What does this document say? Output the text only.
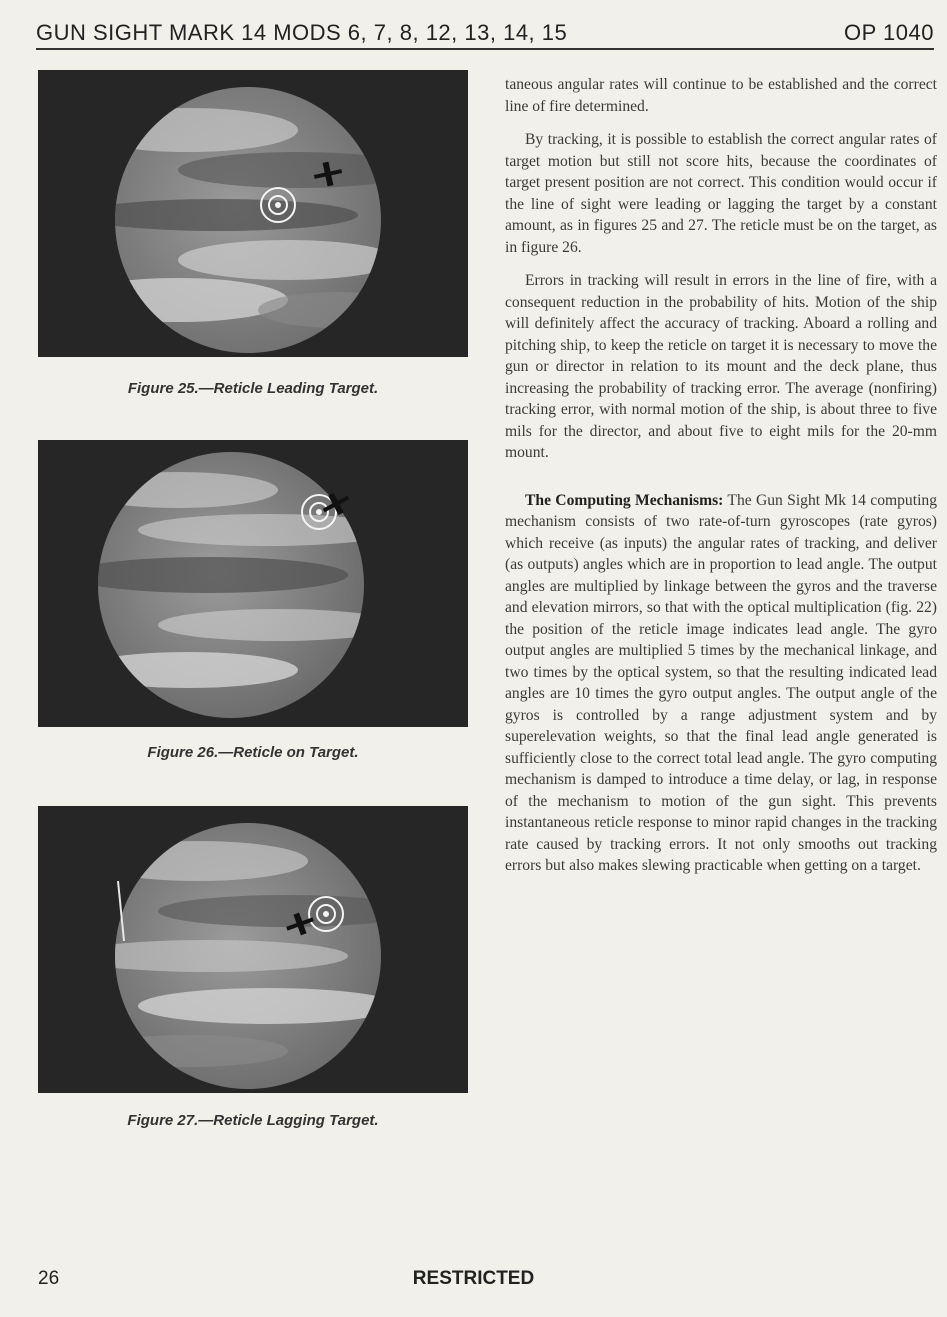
GUN SIGHT MARK 14 MODS 6, 7, 8, 12, 13, 14, 15	OP 1040
Figure 25.—Reticle Leading Target.
Figure 26.—Reticle on Target.
Figure 27.—Reticle Lagging Target.

taneous angular rates will continue to be established and the correct line of fire determined.

By tracking, it is possible to establish the correct angular rates of target motion but still not score hits, because the coordinates of target present position are not correct. This condition would occur if the line of sight were leading or lagging the target by a constant amount, as in figures 25 and 27. The reticle must be on the target, as in figure 26.

Errors in tracking will result in errors in the line of fire, with a consequent reduction in the probability of hits. Motion of the ship will definitely affect the accuracy of tracking. Aboard a rolling and pitching ship, to keep the reticle on target it is necessary to move the gun or director in relation to its mount and the deck plane, thus increasing the probability of tracking error. The average (nonfiring) tracking error, with normal motion of the ship, is about three to five mils for the director, and about five to eight mils for the 20-mm mount.

The Computing Mechanisms: The Gun Sight Mk 14 computing mechanism consists of two rate-of-turn gyroscopes (rate gyros) which receive (as inputs) the angular rates of tracking, and deliver (as outputs) angles which are in proportion to lead angle. The output angles are multiplied by linkage between the gyros and the traverse and elevation mirrors, so that with the optical multiplication (fig. 22) the position of the reticle image indicates lead angle. The gyro output angles are multiplied 5 times by the mechanical linkage, and two times by the optical system, so that the resulting indicated lead angles are 10 times the gyro output angles. The output angle of the gyros is controlled by a range adjustment system and by superelevation weights, so that the final lead angle generated is sufficiently close to the correct total lead angle. The gyro computing mechanism is damped to introduce a time delay, or lag, in response of the mechanism to motion of the gun sight. This prevents instantaneous reticle response to minor rapid changes in the tracking rate caused by tracking errors. It not only smooths out tracking errors but also makes slewing practicable when getting on a target.

26	RESTRICTED
